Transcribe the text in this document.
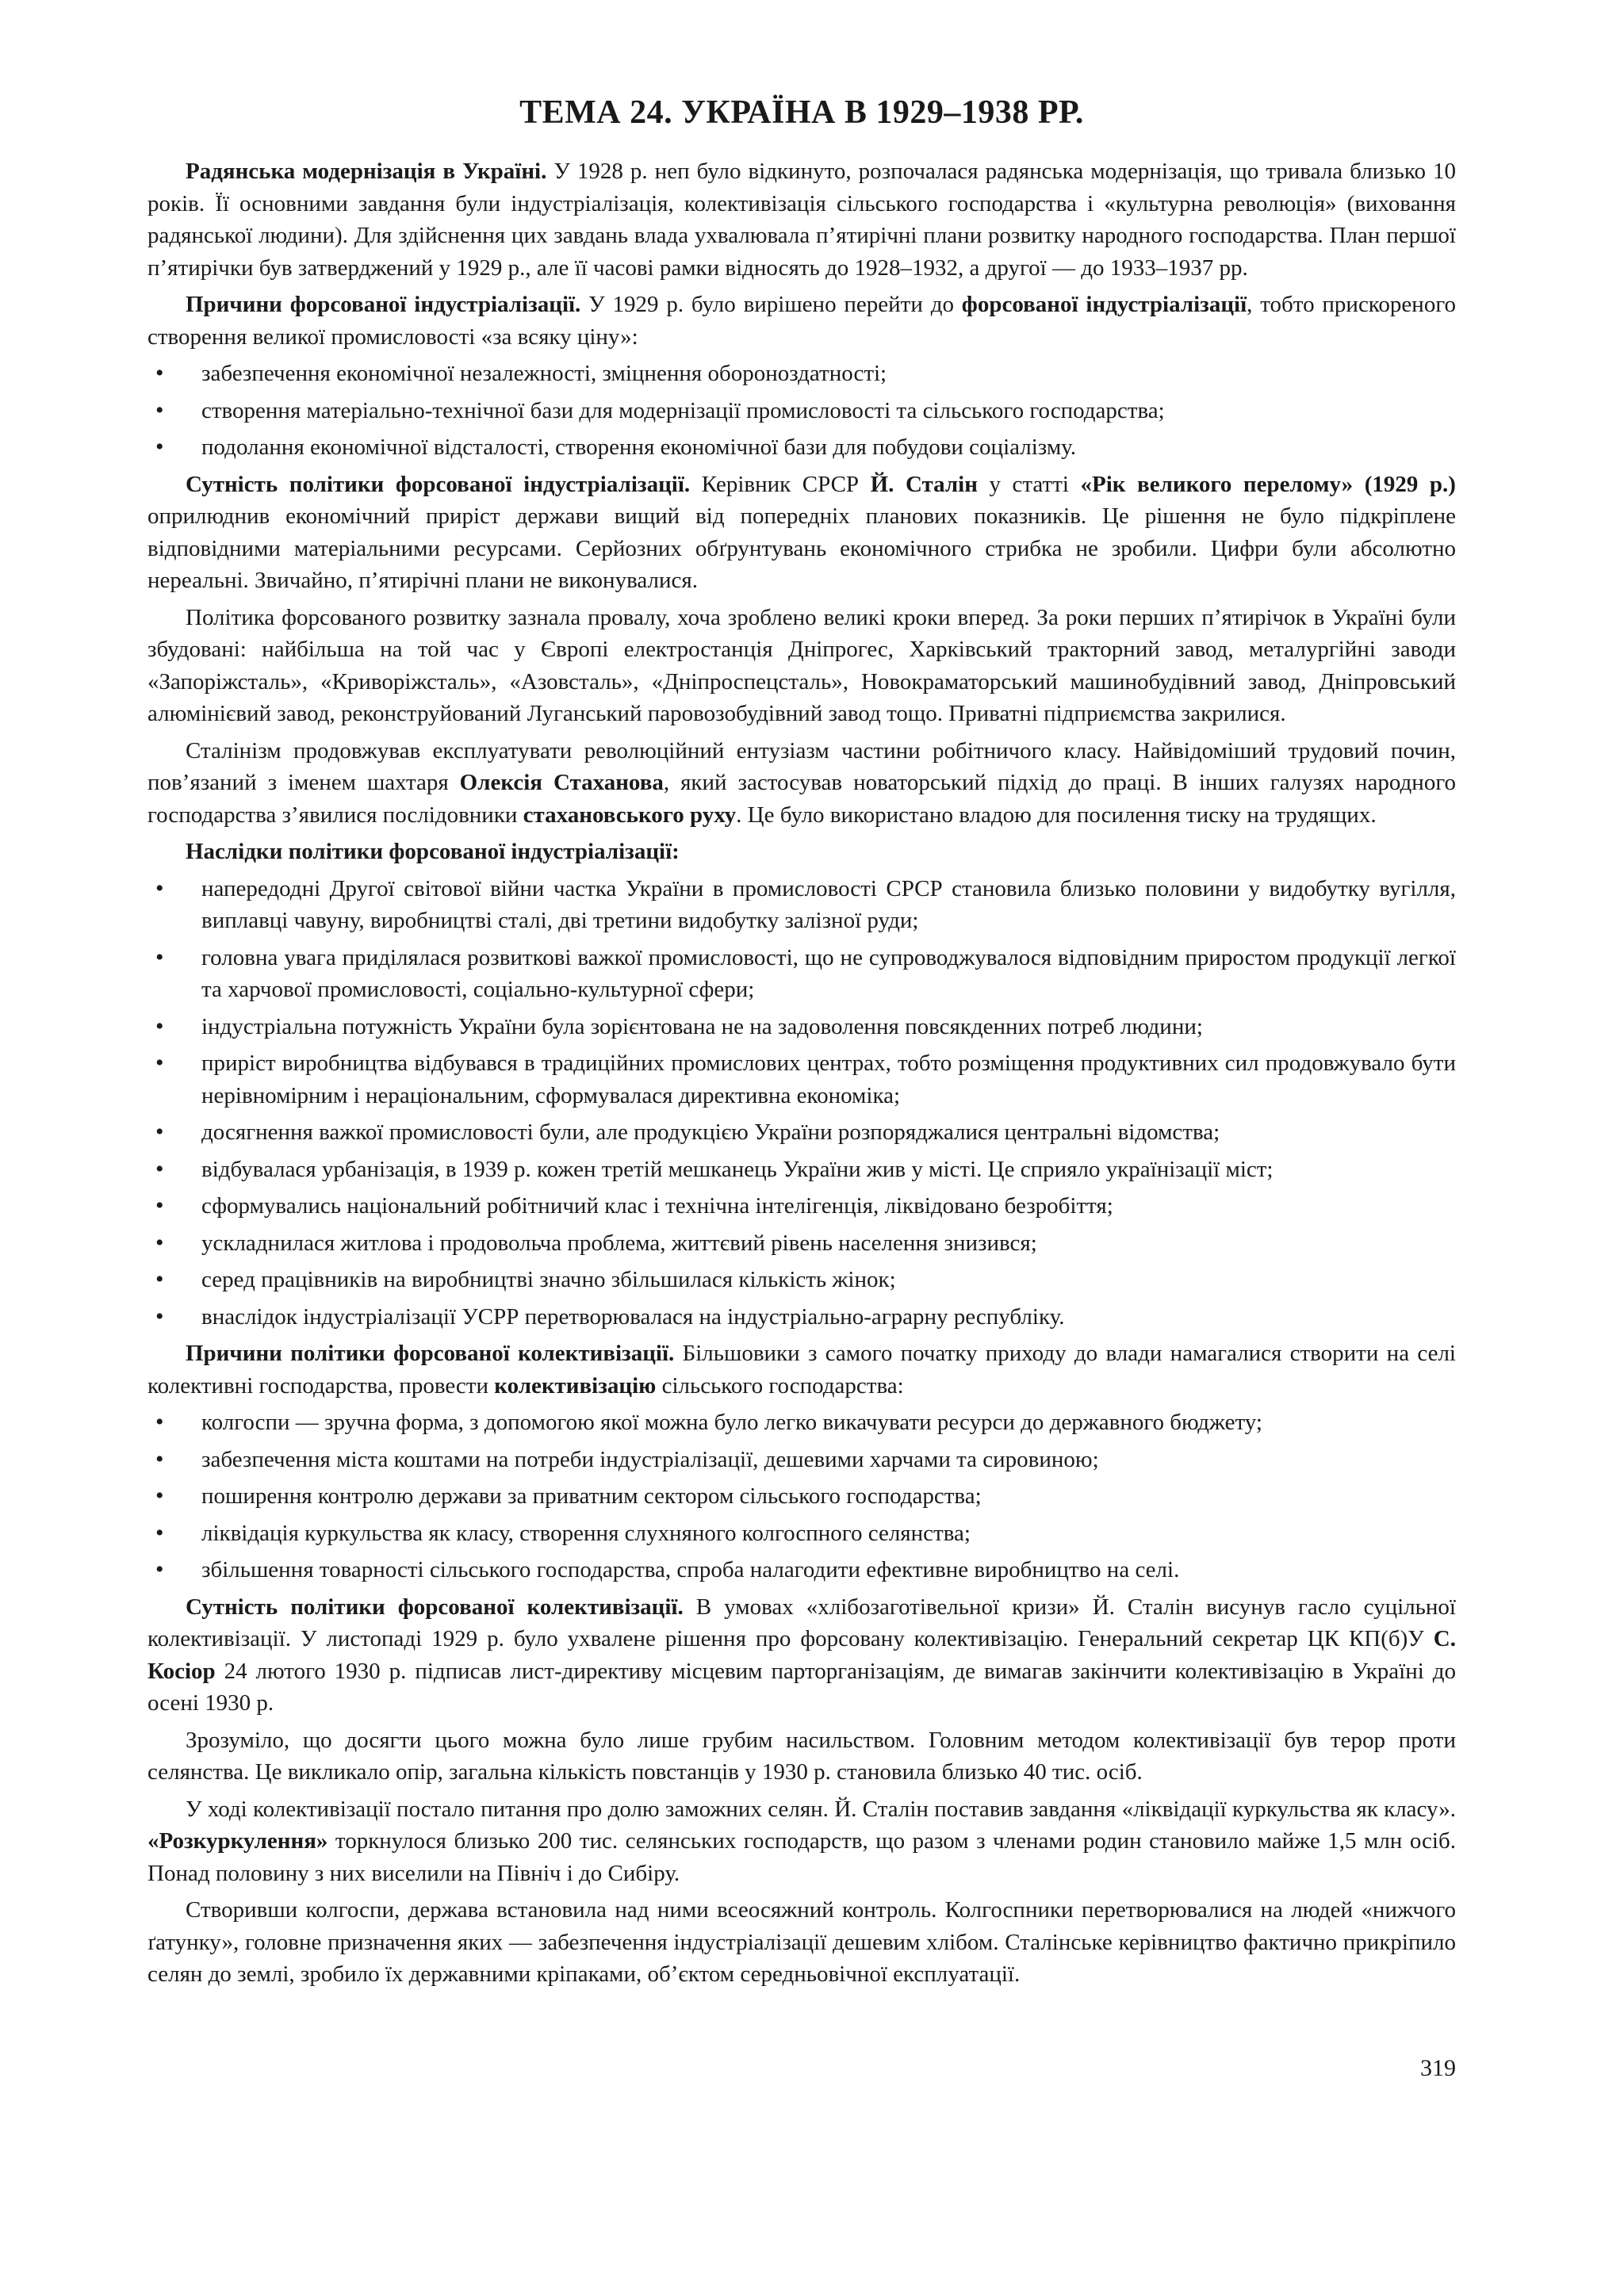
ТЕМА 24. УКРАЇНА В 1929–1938 РР.

Радянська модернізація в Україні. У 1928 р. неп було відкинуто, розпочалася радянська модернізація, що тривала близько 10 років. Її основними завдання були індустріалізація, колективізація сільського господарства і «культурна революція» (виховання радянської людини). Для здійснення цих завдань влада ухвалювала п’ятирічні плани розвитку народного господарства. План першої п’ятирічки був затверджений у 1929 р., але її часові рамки відносять до 1928–1932, а другої — до 1933–1937 рр.

Причини форсованої індустріалізації. У 1929 р. було вирішено перейти до форсованої індустріалізації, тобто прискореного створення великої промисловості «за всяку ціну»:

• забезпечення економічної незалежності, зміцнення обороноздатності;
• створення матеріально-технічної бази для модернізації промисловості та сільського господарства;
• подолання економічної відсталості, створення економічної бази для побудови соціалізму.

Сутність політики форсованої індустріалізації. Керівник СРСР Й. Сталін у статті «Рік великого перелому» (1929 р.) оприлюднив економічний приріст держави вищий від попередніх планових показників. Це рішення не було підкріплене відповідними матеріальними ресурсами. Серйозних обґрунтувань економічного стрибка не зробили. Цифри були абсолютно нереальні. Звичайно, п’ятирічні плани не виконувалися.

Політика форсованого розвитку зазнала провалу, хоча зроблено великі кроки вперед. За роки перших п’ятирічок в Україні були збудовані: найбільша на той час у Європі електростанція Дніпрогес, Харківський тракторний завод, металургійні заводи «Запоріжсталь», «Криворіжсталь», «Азовсталь», «Дніпроспецсталь», Новокраматорський машинобудівний завод, Дніпровський алюмінієвий завод, реконструйований Луганський паровозобудівний завод тощо. Приватні підприємства закрилися.

Сталінізм продовжував експлуатувати революційний ентузіазм частини робітничого класу. Найвідоміший трудовий почин, пов’язаний з іменем шахтаря Олексія Стаханова, який застосував новаторський підхід до праці. В інших галузях народного господарства з’явилися послідовники стахановського руху. Це було використано владою для посилення тиску на трудящих.

Наслідки політики форсованої індустріалізації:

• напередодні Другої світової війни частка України в промисловості СРСР становила близько половини у видобутку вугілля, виплавці чавуну, виробництві сталі, дві третини видобутку залізної руди;
• головна увага приділялася розвиткові важкої промисловості, що не супроводжувалося відповідним приростом продукції легкої та харчової промисловості, соціально-культурної сфери;
• індустріальна потужність України була зорієнтована не на задоволення повсякденних потреб людини;
• приріст виробництва відбувався в традиційних промислових центрах, тобто розміщення продуктивних сил продовжувало бути нерівномірним і нераціональним, сформувалася директивна економіка;
• досягнення важкої промисловості були, але продукцією України розпоряджалися центральні відомства;
• відбувалася урбанізація, в 1939 р. кожен третій мешканець України жив у місті. Це сприяло українізації міст;
• сформувались національний робітничий клас і технічна інтелігенція, ліквідовано безробіття;
• ускладнилася житлова і продовольча проблема, життєвий рівень населення знизився;
• серед працівників на виробництві значно збільшилася кількість жінок;
• внаслідок індустріалізації УСРР перетворювалася на індустріально-аграрну республіку.

Причини політики форсованої колективізації. Більшовики з самого початку приходу до влади намагалися створити на селі колективні господарства, провести колективізацію сільського господарства:

• колгоспи — зручна форма, з допомогою якої можна було легко викачувати ресурси до державного бюджету;
• забезпечення міста коштами на потреби індустріалізації, дешевими харчами та сировиною;
• поширення контролю держави за приватним сектором сільського господарства;
• ліквідація куркульства як класу, створення слухняного колгоспного селянства;
• збільшення товарності сільського господарства, спроба налагодити ефективне виробництво на селі.

Сутність політики форсованої колективізації. В умовах «хлібозаготівельної кризи» Й. Сталін висунув гасло суцільної колективізації. У листопаді 1929 р. було ухвалене рішення про форсовану колективізацію. Генеральний секретар ЦК КП(б)У С. Косіор 24 лютого 1930 р. підписав лист-директиву місцевим парторганізаціям, де вимагав закінчити колективізацію в Україні до осені 1930 р.

Зрозуміло, що досягти цього можна було лише грубим насильством. Головним методом колективізації був терор проти селянства. Це викликало опір, загальна кількість повстанців у 1930 р. становила близько 40 тис. осіб.

У ході колективізації постало питання про долю заможних селян. Й. Сталін поставив завдання «ліквідації куркульства як класу». «Розкуркулення» торкнулося близько 200 тис. селянських господарств, що разом з членами родин становило майже 1,5 млн осіб. Понад половину з них виселили на Північ і до Сибіру.

Створивши колгоспи, держава встановила над ними всеосяжний контроль. Колгоспники перетворювалися на людей «нижчого ґатунку», головне призначення яких — забезпечення індустріалізації дешевим хлібом. Сталінське керівництво фактично прикріпило селян до землі, зробило їх державними кріпаками, об’єктом середньовічної експлуатації.

319
